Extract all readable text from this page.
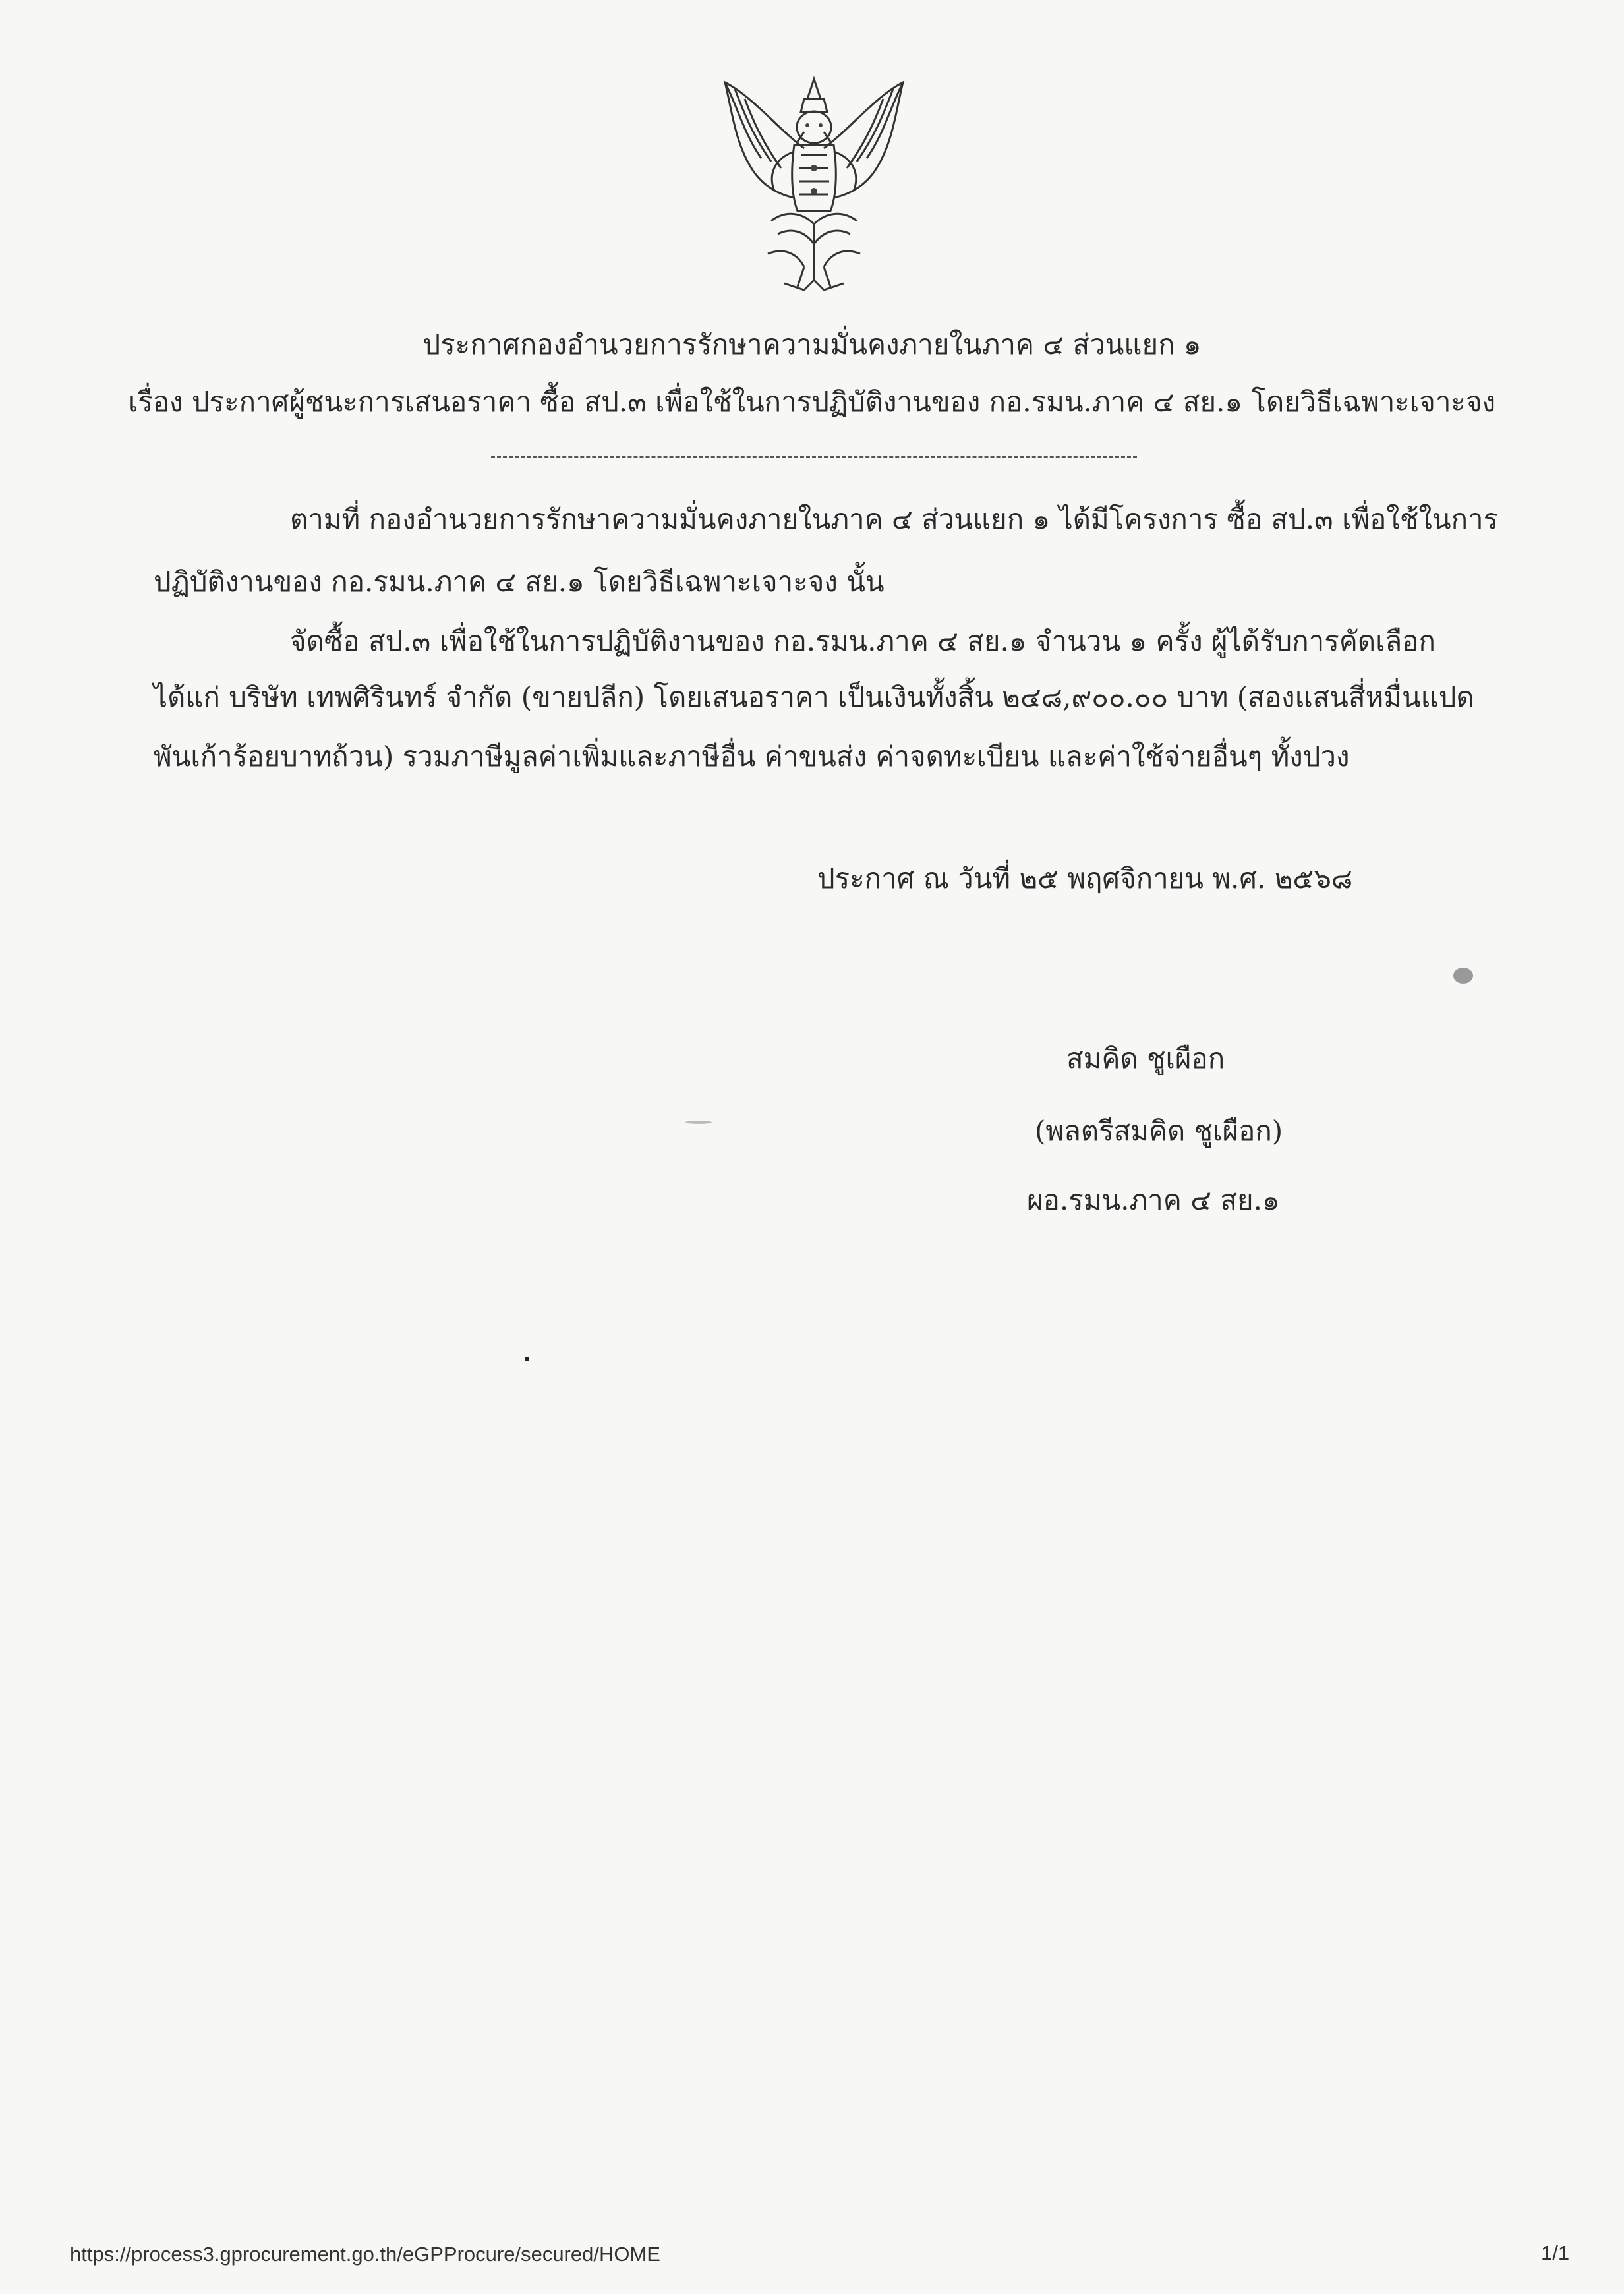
ประกาศกองอำนวยการรักษาความมั่นคงภายในภาค ๔ ส่วนแยก ๑
เรื่อง ประกาศผู้ชนะการเสนอราคา ซื้อ สป.๓ เพื่อใช้ในการปฏิบัติงานของ กอ.รมน.ภาค ๔ สย.๑ โดยวิธีเฉพาะเจาะจง
ตามที่ กองอำนวยการรักษาความมั่นคงภายในภาค ๔ ส่วนแยก ๑ ได้มีโครงการ ซื้อ สป.๓ เพื่อใช้ในการ
ปฏิบัติงานของ กอ.รมน.ภาค ๔ สย.๑ โดยวิธีเฉพาะเจาะจง นั้น
จัดซื้อ สป.๓ เพื่อใช้ในการปฏิบัติงานของ กอ.รมน.ภาค ๔ สย.๑ จำนวน ๑ ครั้ง ผู้ได้รับการคัดเลือก
ได้แก่ บริษัท เทพศิรินทร์ จำกัด (ขายปลีก) โดยเสนอราคา เป็นเงินทั้งสิ้น ๒๔๘,๙๐๐.๐๐ บาท (สองแสนสี่หมื่นแปด
พันเก้าร้อยบาทถ้วน) รวมภาษีมูลค่าเพิ่มและภาษีอื่น ค่าขนส่ง ค่าจดทะเบียน และค่าใช้จ่ายอื่นๆ ทั้งปวง
ประกาศ ณ วันที่ ๒๕ พฤศจิกายน พ.ศ. ๒๕๖๘
สมคิด ชูเผือก
(พลตรีสมคิด ชูเผือก)
ผอ.รมน.ภาค ๔ สย.๑
https://process3.gprocurement.go.th/eGPProcure/secured/HOME	1/1
